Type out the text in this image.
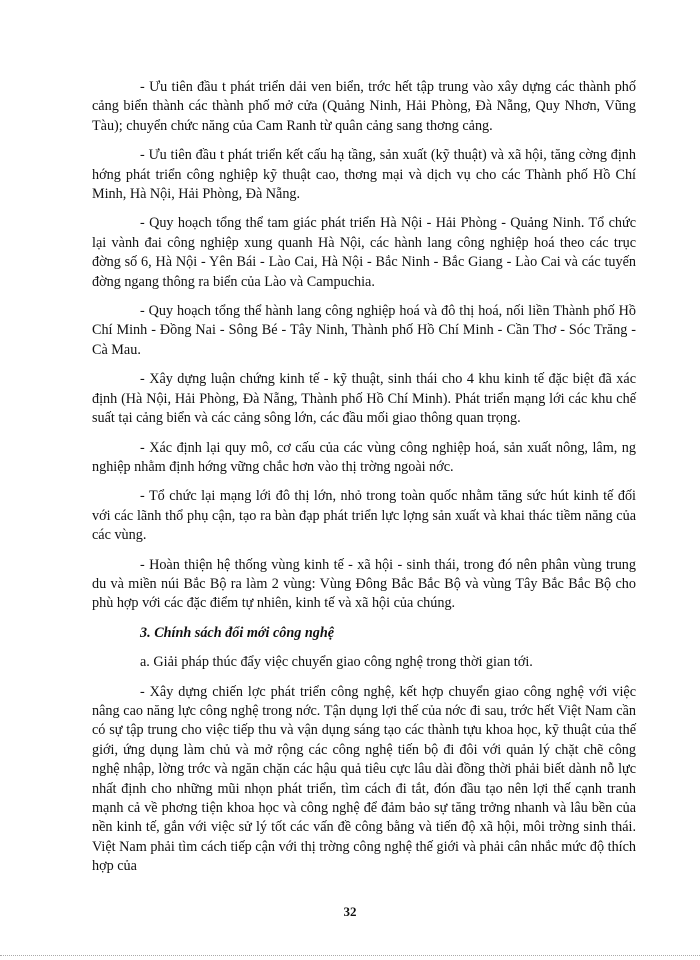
- Ưu tiên đầu t phát triển dải ven biển, trớc hết tập trung vào xây dựng các thành phố cảng biển thành các thành phố mở cửa (Quảng Ninh, Hải Phòng, Đà Nẵng, Quy Nhơn, Vũng Tàu); chuyển chức năng của Cam Ranh từ quân cảng sang thơng cảng.

- Ưu tiên đầu t phát triển kết cấu hạ tầng, sản xuất (kỹ thuật) và xã hội, tăng cờng định hớng phát triển công nghiệp kỹ thuật cao, thơng mại và dịch vụ cho các Thành phố Hồ Chí Minh, Hà Nội, Hải Phòng, Đà Nẵng.

- Quy hoạch tổng thể tam giác phát triển Hà Nội - Hải Phòng - Quảng Ninh. Tổ chức lại vành đai công nghiệp xung quanh Hà Nội, các hành lang công nghiệp hoá theo các trục đờng số 6, Hà Nội - Yên Bái - Lào Cai, Hà Nội - Bắc Ninh - Bắc Giang - Lào Cai và các tuyến đờng ngang thông ra biển của Lào và Campuchia.

- Quy hoạch tổng thể hành lang công nghiệp hoá và đô thị hoá, nối liền Thành phố Hồ Chí Minh - Đồng Nai - Sông Bé - Tây Ninh, Thành phố Hồ Chí Minh - Cần Thơ - Sóc Trăng - Cà Mau.

- Xây dựng luận chứng kinh tế - kỹ thuật, sinh thái cho 4 khu kinh tế đặc biệt đã xác định (Hà Nội, Hải Phòng, Đà Nẵng, Thành phố Hồ Chí Minh). Phát triển mạng lới các khu chế suất tại cảng biển và các cảng sông lớn, các đầu mối giao thông quan trọng.

- Xác định lại quy mô, cơ cấu của các vùng công nghiệp hoá, sản xuất nông, lâm, ng nghiệp nhằm định hớng vững chắc hơn vào thị trờng ngoài nớc.

- Tổ chức lại mạng lới đô thị lớn, nhỏ trong toàn quốc nhằm tăng sức hút kinh tế đối với các lãnh thổ phụ cận, tạo ra bàn đạp phát triển lực lợng sản xuất và khai thác tiềm năng của các vùng.

- Hoàn thiện hệ thống vùng kinh tế - xã hội - sinh thái, trong đó nên phân vùng trung du và miền núi Bắc Bộ ra làm 2 vùng: Vùng Đông Bắc Bắc Bộ và vùng Tây Bắc Bắc Bộ cho phù hợp với các đặc điểm tự nhiên, kinh tế và xã hội của chúng.

3. Chính sách đổi mới công nghệ

a. Giải pháp thúc đẩy việc chuyển giao công nghệ trong thời gian tới.

- Xây dựng chiến lợc phát triển công nghệ, kết hợp chuyển giao công nghệ với việc nâng cao năng lực công nghệ trong nớc. Tận dụng lợi thế của nớc đi sau, trớc hết Việt Nam cần có sự tập trung cho việc tiếp thu và vận dụng sáng tạo các thành tựu khoa học, kỹ thuật của thế giới, ứng dụng làm chủ và mở rộng các công nghệ tiến bộ đi đôi với quản lý chặt chẽ công nghệ nhập, lờng trớc và ngăn chặn các hậu quả tiêu cực lâu dài đồng thời phải biết dành nỗ lực nhất định cho những mũi nhọn phát triển, tìm cách đi tắt, đón đầu tạo nên lợi thế cạnh tranh mạnh cả về phơng tiện khoa học và công nghệ để đảm bảo sự tăng trởng nhanh và lâu bền của nền kinh tế, gắn với việc sử lý tốt các vấn đề công bằng và tiến độ xã hội, môi trờng sinh thái. Việt Nam phải tìm cách tiếp cận với thị trờng công nghệ thế giới và phải cân nhắc mức độ thích hợp của

32
